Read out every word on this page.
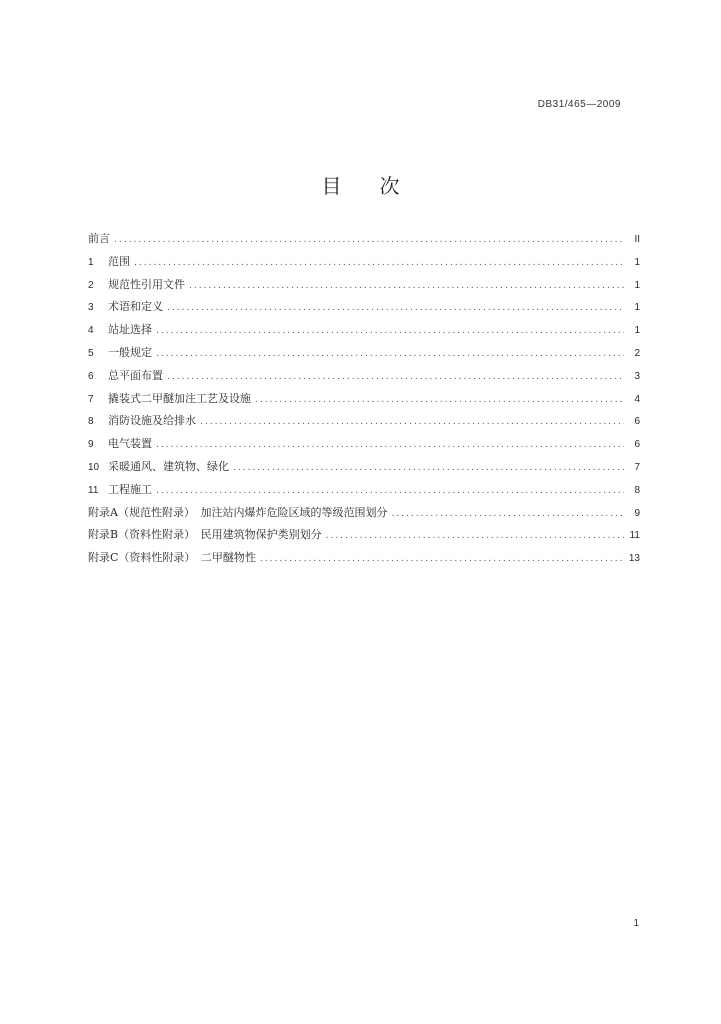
DB31/465—2009
目次
前言 .....	II
1	范围 .....	1
2	规范性引用文件 .....	1
3	术语和定义 .....	1
4	站址选择 .....	1
5	一般规定 .....	2
6	总平面布置 .....	3
7	撬装式二甲醚加注工艺及设施 .....	4
8	消防设施及给排水 .....	6
9	电气装置 .....	6
10 采暖通风、建筑物、绿化 .....	7
11 工程施工 .....	8
附录A（规范性附录）　加注站内爆炸危险区域的等级范围划分 .....	9
附录B（资料性附录）　民用建筑物保护类别划分 .....	11
附录C（资料性附录）　二甲醚物性 .....	13
1
